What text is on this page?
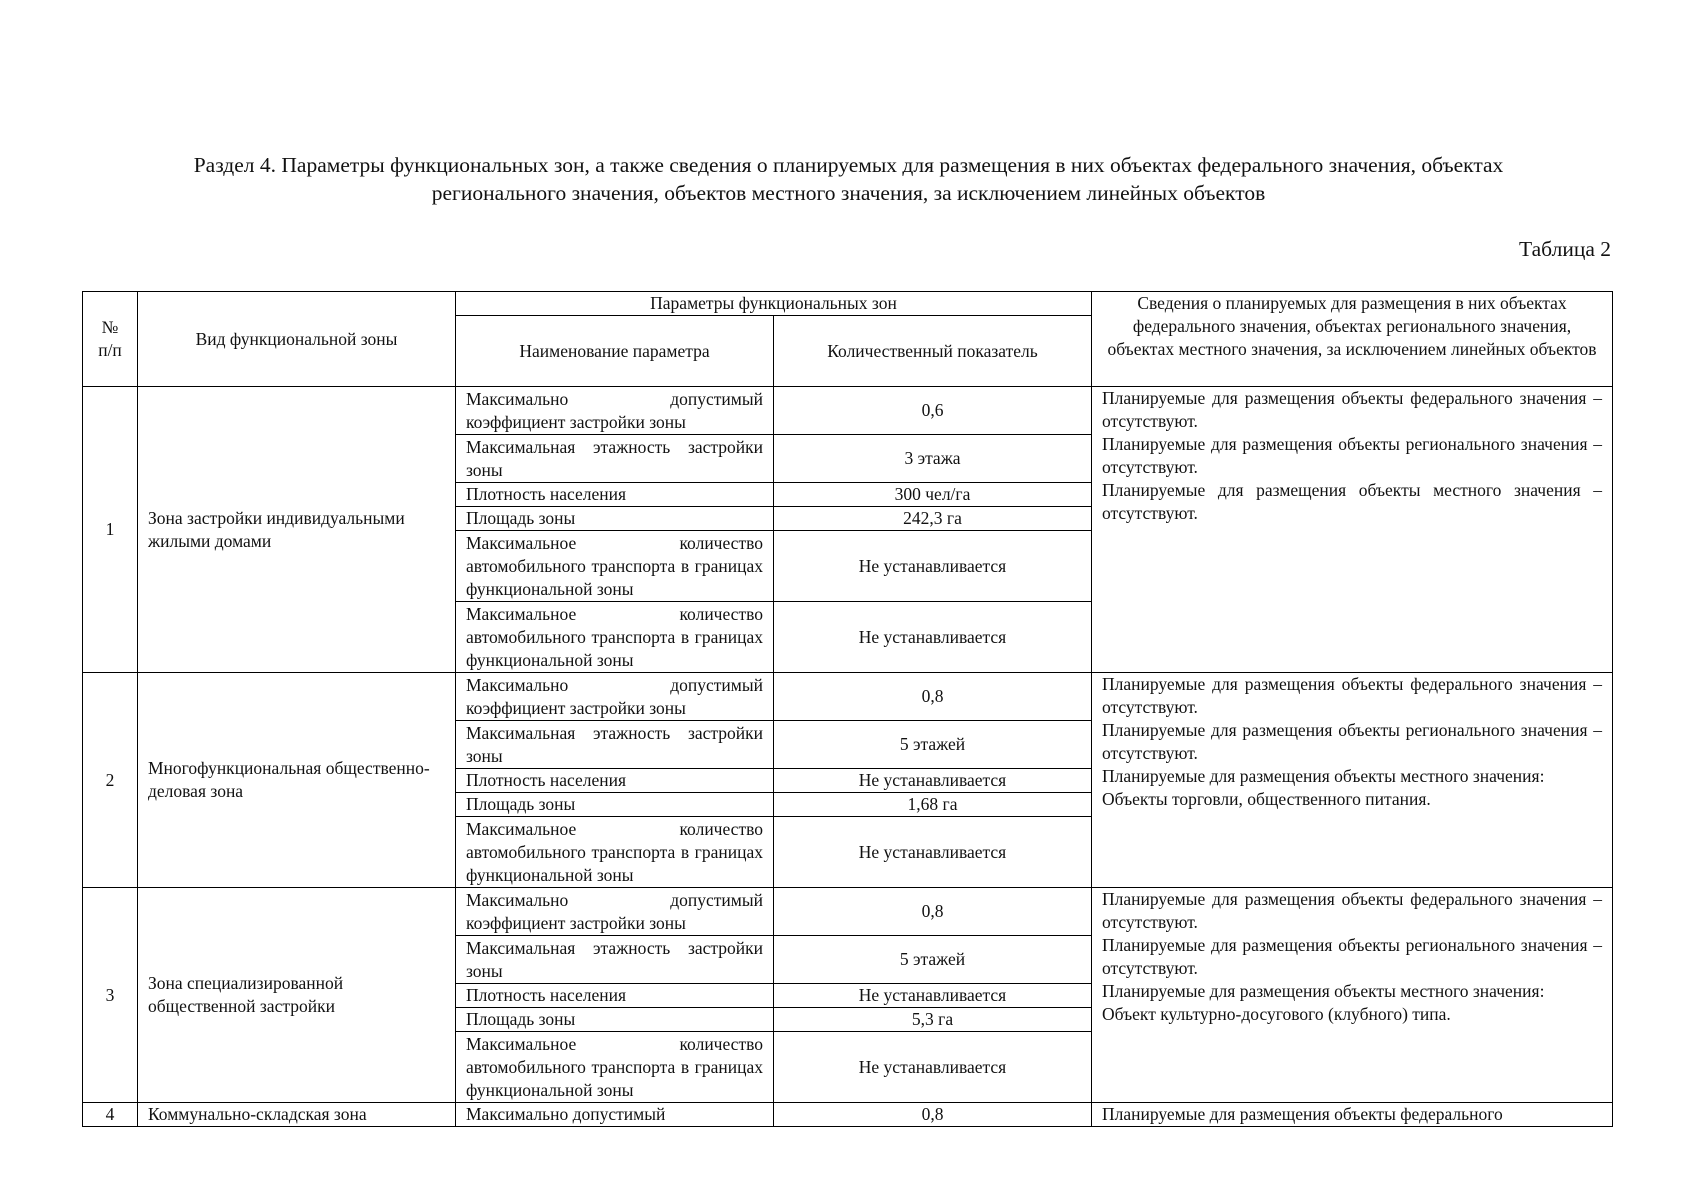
Раздел 4. Параметры функциональных зон, а также сведения о планируемых для размещения в них объектах федерального значения, объектах
регионального значения, объектов местного значения, за исключением линейных объектов
Таблица 2
№ п/п	Вид функциональной зоны	Параметры функциональных зон		Сведения о планируемых для размещения в них объектах федерального значения, объектах регионального значения, объектах местного значения, за исключением линейных объектов
		Наименование параметра	Количественный показатель	
1	Зона застройки индивидуальными жилыми домами	Максимально допустимый коэффициент застройки зоны	0,6	Планируемые для размещения объекты федерального значения – отсутствуют.
Планируемые для размещения объекты регионального значения – отсутствуют.
Планируемые для размещения объекты местного значения – отсутствуют.

		Максимальная этажность застройки зоны	3 этажа	
		Плотность населения	300 чел/га	
		Площадь зоны	242,3 га	
		Максимальное количество автомобильного транспорта в границах функциональной зоны	Не устанавливается	
		Максимальное количество автомобильного транспорта в границах функциональной зоны	Не устанавливается	
2	Многофункциональная общественно-деловая зона	Максимально допустимый коэффициент застройки зоны	0,8	Планируемые для размещения объекты федерального значения – отсутствуют.
Планируемые для размещения объекты регионального значения – отсутствуют.
Планируемые для размещения объекты местного значения:
Объекты торговли, общественного питания.

		Максимальная этажность застройки зоны	5 этажей	
		Плотность населения	Не устанавливается	
		Площадь зоны	1,68 га	
		Максимальное количество автомобильного транспорта в границах функциональной зоны	Не устанавливается	
3	Зона специализированной общественной застройки	Максимально допустимый коэффициент застройки зоны	0,8	Планируемые для размещения объекты федерального значения – отсутствуют.
Планируемые для размещения объекты регионального значения – отсутствуют.
Планируемые для размещения объекты местного значения:
Объект культурно-досугового (клубного) типа.

		Максимальная этажность застройки зоны	5 этажей	
		Плотность населения	Не устанавливается	
		Площадь зоны	5,3 га	
		Максимальное количество автомобильного транспорта в границах функциональной зоны	Не устанавливается	
4	Коммунально-складская зона	Максимально допустимый	0,8	Планируемые для размещения объекты федерального
